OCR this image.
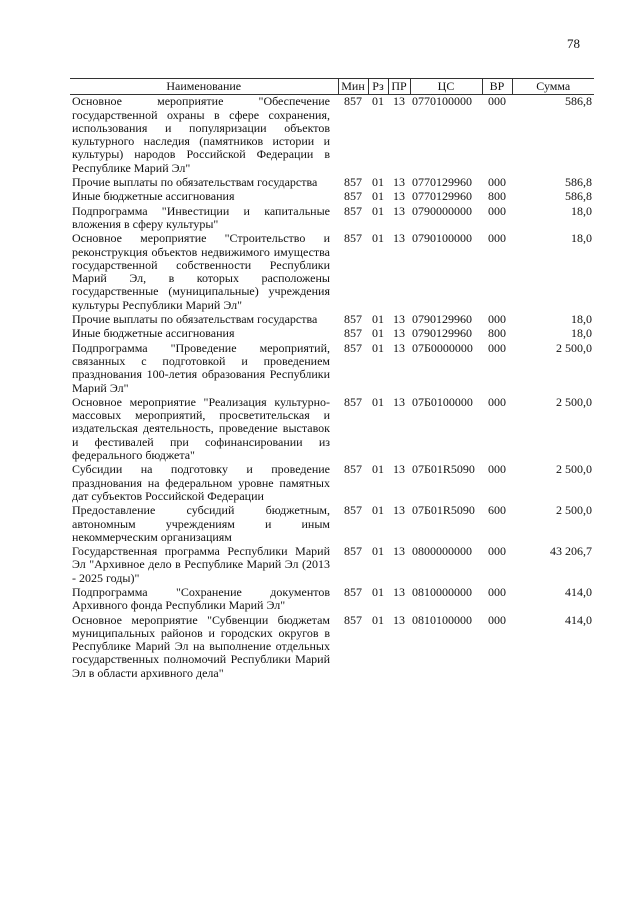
78
Наименование	Мин	Рз	ПР	ЦС	ВР	Сумма
Основное мероприятие "Обеспечение государственной охраны в сфере сохранения, использования и популяризации объектов культурного наследия (памятников истории и культуры) народов Российской Федерации в Республике Марий Эл"	857	01	13	0770100000	000	586,8
Прочие выплаты по обязательствам государства	857	01	13	0770129960	000	586,8
Иные бюджетные ассигнования	857	01	13	0770129960	800	586,8
Подпрограмма "Инвестиции и капитальные вложения в сферу культуры"	857	01	13	0790000000	000	18,0
Основное мероприятие "Строительство и реконструкция объектов недвижимого имущества государственной собственности Республики Марий Эл, в которых расположены государственные (муниципальные) учреждения культуры Республики Марий Эл"	857	01	13	0790100000	000	18,0
Прочие выплаты по обязательствам государства	857	01	13	0790129960	000	18,0
Иные бюджетные ассигнования	857	01	13	0790129960	800	18,0
Подпрограмма "Проведение мероприятий, связанных с подготовкой и проведением празднования 100-летия образования Республики Марий Эл"	857	01	13	07Б0000000	000	2 500,0
Основное мероприятие "Реализация культурно-массовых мероприятий, просветительская и издательская деятельность, проведение выставок и фестивалей при софинансировании из федерального бюджета"	857	01	13	07Б0100000	000	2 500,0
Субсидии на подготовку и проведение празднования на федеральном уровне памятных дат субъектов Российской Федерации	857	01	13	07Б01R5090	000	2 500,0
Предоставление субсидий бюджетным, автономным учреждениям и иным некоммерческим организациям	857	01	13	07Б01R5090	600	2 500,0
Государственная программа Республики Марий Эл "Архивное дело в Республике Марий Эл (2013 - 2025 годы)"	857	01	13	0800000000	000	43 206,7
Подпрограмма "Сохранение документов Архивного фонда Республики Марий Эл"	857	01	13	0810000000	000	414,0
Основное мероприятие "Субвенции бюджетам муниципальных районов и городских округов в Республике Марий Эл на выполнение отдельных государственных полномочий Республики Марий Эл в области архивного дела"	857	01	13	0810100000	000	414,0
